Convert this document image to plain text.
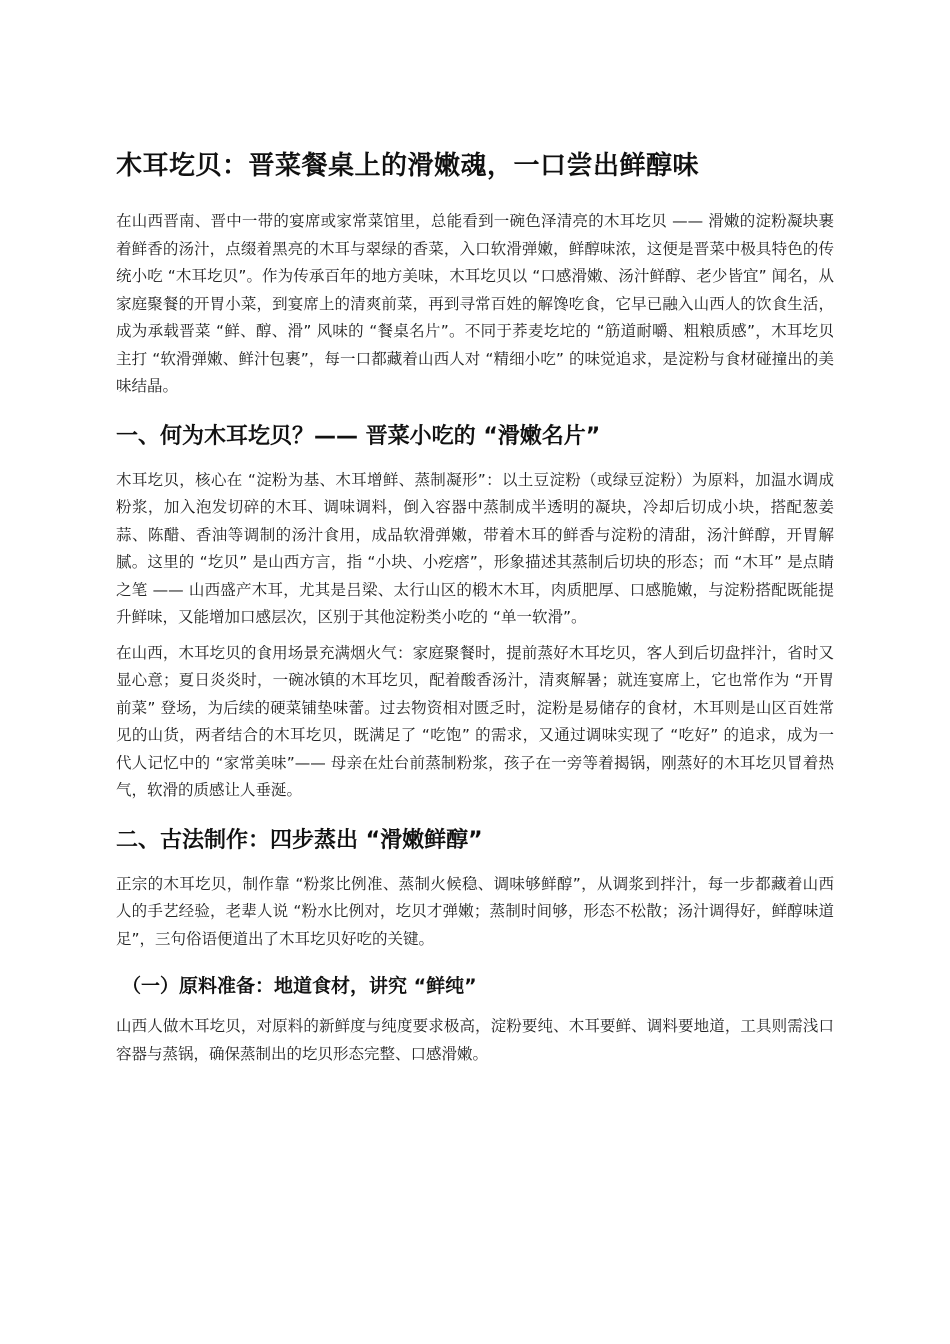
木耳圪贝：晋菜餐桌上的滑嫩魂，一口尝出鲜醇味

在山西晋南、晋中一带的宴席或家常菜馆里，总能看到一碗色泽清亮的木耳圪贝 —— 滑嫩的淀粉凝块裹着鲜香的汤汁，点缀着黑亮的木耳与翠绿的香菜，入口软滑弹嫩，鲜醇味浓，这便是晋菜中极具特色的传统小吃 “木耳圪贝”。作为传承百年的地方美味，木耳圪贝以 “口感滑嫩、汤汁鲜醇、老少皆宜” 闻名，从家庭聚餐的开胃小菜，到宴席上的清爽前菜，再到寻常百姓的解馋吃食，它早已融入山西人的饮食生活，成为承载晋菜 “鲜、醇、滑” 风味的 “餐桌名片”。不同于荞麦圪坨的 “筋道耐嚼、粗粮质感”，木耳圪贝主打 “软滑弹嫩、鲜汁包裹”，每一口都藏着山西人对 “精细小吃” 的味觉追求，是淀粉与食材碰撞出的美味结晶。

一、何为木耳圪贝？—— 晋菜小吃的 “滑嫩名片”

木耳圪贝，核心在 “淀粉为基、木耳增鲜、蒸制凝形”：以土豆淀粉（或绿豆淀粉）为原料，加温水调成粉浆，加入泡发切碎的木耳、调味调料，倒入容器中蒸制成半透明的凝块，冷却后切成小块，搭配葱姜蒜、陈醋、香油等调制的汤汁食用，成品软滑弹嫩，带着木耳的鲜香与淀粉的清甜，汤汁鲜醇，开胃解腻。这里的 “圪贝” 是山西方言，指 “小块、小疙瘩”，形象描述其蒸制后切块的形态；而 “木耳” 是点睛之笔 —— 山西盛产木耳，尤其是吕梁、太行山区的椴木木耳，肉质肥厚、口感脆嫩，与淀粉搭配既能提升鲜味，又能增加口感层次，区别于其他淀粉类小吃的 “单一软滑”。

在山西，木耳圪贝的食用场景充满烟火气：家庭聚餐时，提前蒸好木耳圪贝，客人到后切盘拌汁，省时又显心意；夏日炎炎时，一碗冰镇的木耳圪贝，配着酸香汤汁，清爽解暑；就连宴席上，它也常作为 “开胃前菜” 登场，为后续的硬菜铺垫味蕾。过去物资相对匮乏时，淀粉是易储存的食材，木耳则是山区百姓常见的山货，两者结合的木耳圪贝，既满足了 “吃饱” 的需求，又通过调味实现了 “吃好” 的追求，成为一代人记忆中的 “家常美味”—— 母亲在灶台前蒸制粉浆，孩子在一旁等着揭锅，刚蒸好的木耳圪贝冒着热气，软滑的质感让人垂涎。

二、古法制作：四步蒸出 “滑嫩鲜醇”

正宗的木耳圪贝，制作靠 “粉浆比例准、蒸制火候稳、调味够鲜醇”，从调浆到拌汁，每一步都藏着山西人的手艺经验，老辈人说 “粉水比例对，圪贝才弹嫩；蒸制时间够，形态不松散；汤汁调得好，鲜醇味道足”，三句俗语便道出了木耳圪贝好吃的关键。

（一）原料准备：地道食材，讲究 “鲜纯”

山西人做木耳圪贝，对原料的新鲜度与纯度要求极高，淀粉要纯、木耳要鲜、调料要地道，工具则需浅口容器与蒸锅，确保蒸制出的圪贝形态完整、口感滑嫩。
